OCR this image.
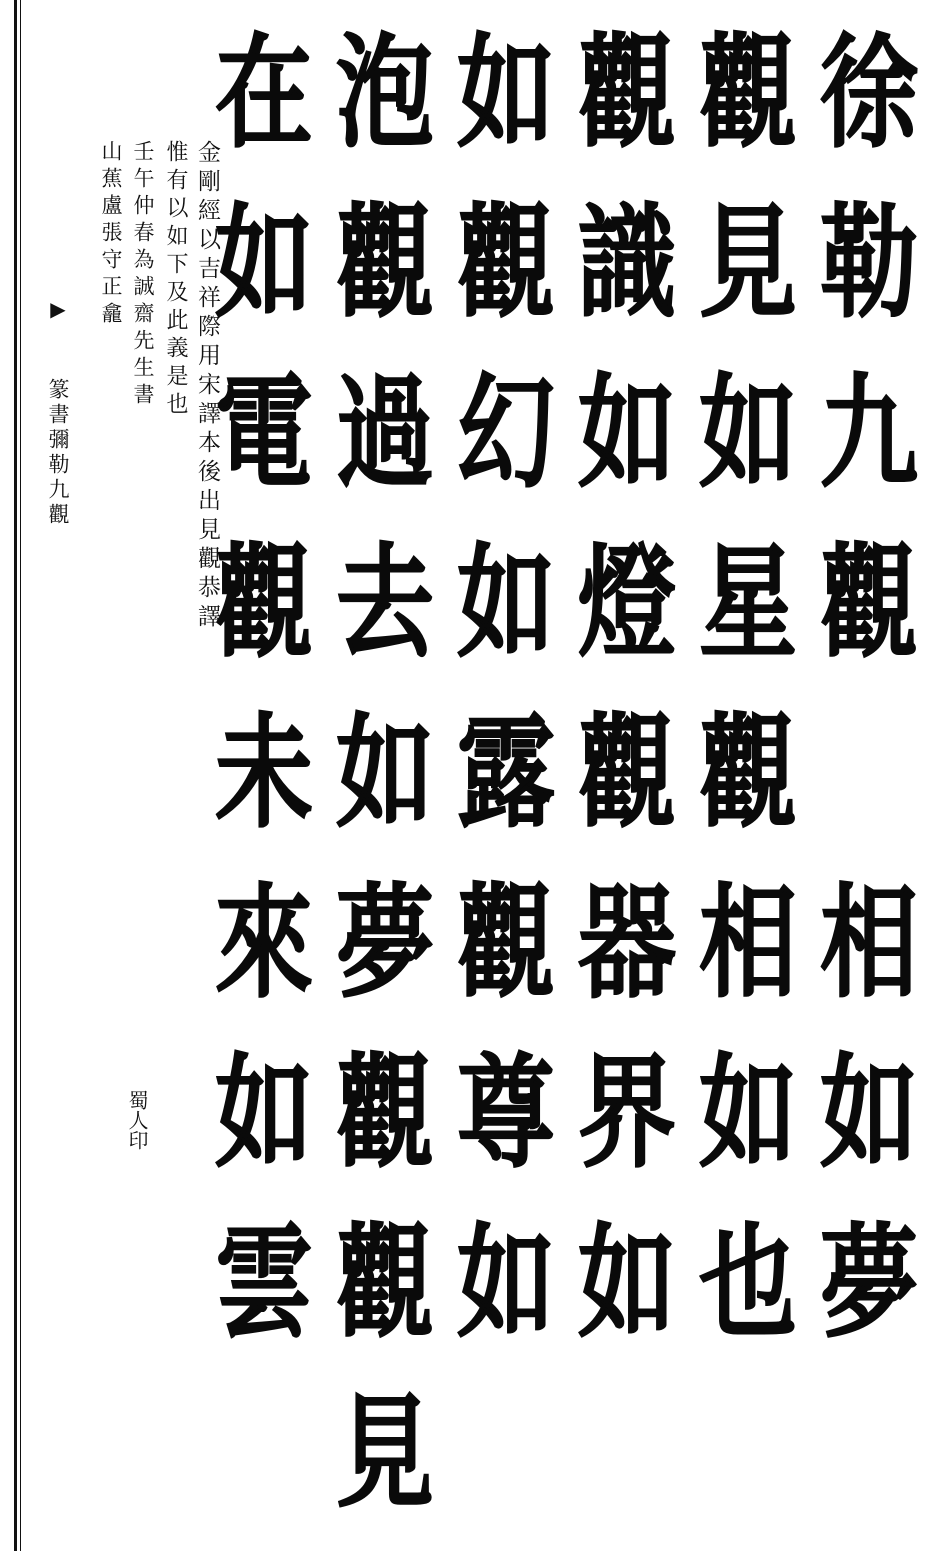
▶
篆書彌勒九觀	金剛經以吉祥際用宋譯本後出見觀恭譯
惟有以如下及此義是也
壬午仲春為誠齋先生書
山蕉盧張守正龕
蜀人印
徐
勒
九
觀
相
如
夢
觀
見
如
星
觀
相
如
也
觀
識
如
燈
觀
器
界
如
如
觀
幻
如
露
觀
尊
如
泡
觀
過
去
如
夢
觀
觀
見
在
如
電
觀
未
來
如
雲
